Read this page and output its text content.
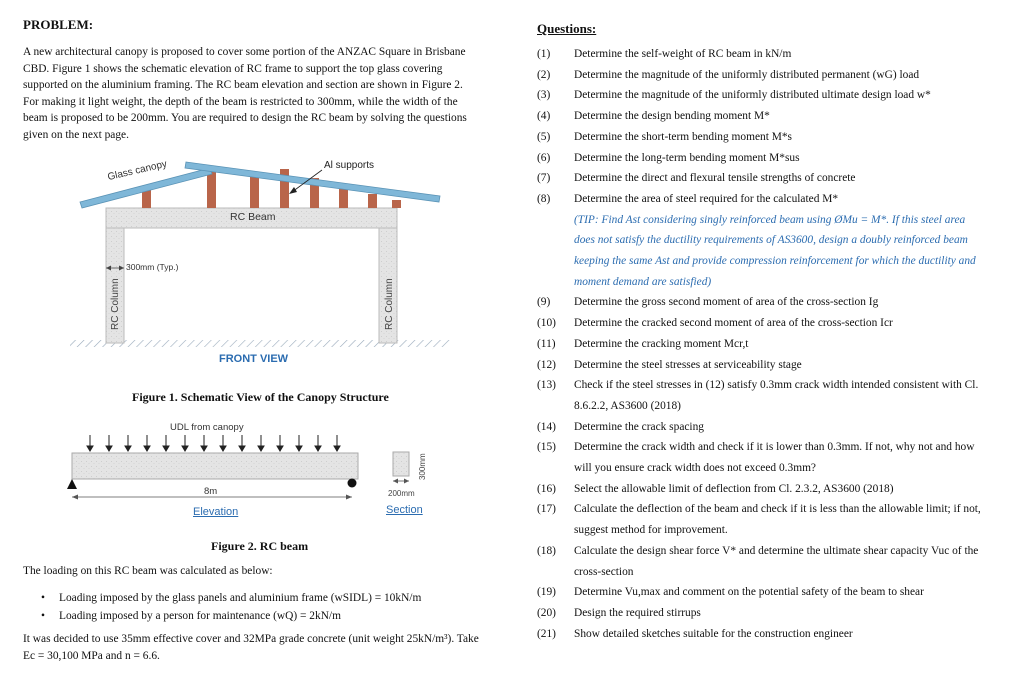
PROBLEM:
A new architectural canopy is proposed to cover some portion of the ANZAC Square in Brisbane
CBD. Figure 1 shows the schematic elevation of RC frame to support the top glass covering
supported on the aluminium framing. The RC beam elevation and section are shown in Figure 2.
For making it light weight, the depth of the beam is restricted to 300mm, while the width of the
beam is proposed to be 200mm. You are required to design the RC beam by solving the questions
given on the next page.
Glass canopy	Al supports
RC Beam
300mm (Typ.)
RC Column	RC Column
FRONT VIEW
Figure 1. Schematic View of the Canopy Structure
UDL from canopy
8m
Elevation
300mm
200mm
Section
Figure 2. RC beam
The loading on this RC beam was calculated as below:
• Loading imposed by the glass panels and aluminium frame (wSIDL) = 10kN/m
• Loading imposed by a person for maintenance (wQ) = 2kN/m
It was decided to use 35mm effective cover and 32MPa grade concrete (unit weight 25kN/m³). Take
Ec = 30,100 MPa and n = 6.6.
Questions:
(1)	Determine the self-weight of RC beam in kN/m
(2)	Determine the magnitude of the uniformly distributed permanent (wG) load
(3)	Determine the magnitude of the uniformly distributed ultimate design load w*
(4)	Determine the design bending moment M*
(5)	Determine the short-term bending moment M*s
(6)	Determine the long-term bending moment M*sus
(7)	Determine the direct and flexural tensile strengths of concrete
(8)	Determine the area of steel required for the calculated M*
(TIP: Find Ast considering singly reinforced beam using ØMu = M*. If this steel area
does not satisfy the ductility requirements of AS3600, design a doubly reinforced beam
keeping the same Ast and provide compression reinforcement for which the ductility and
moment demand are satisfied)
(9)	Determine the gross second moment of area of the cross-section Ig
(10)	Determine the cracked second moment of area of the cross-section Icr
(11)	Determine the cracking moment Mcr,t
(12)	Determine the steel stresses at serviceability stage
(13)	Check if the steel stresses in (12) satisfy 0.3mm crack width intended consistent with Cl.
8.6.2.2, AS3600 (2018)
(14)	Determine the crack spacing
(15)	Determine the crack width and check if it is lower than 0.3mm. If not, why not and how
will you ensure crack width does not exceed 0.3mm?
(16)	Select the allowable limit of deflection from Cl. 2.3.2, AS3600 (2018)
(17)	Calculate the deflection of the beam and check if it is less than the allowable limit; if not,
suggest method for improvement.
(18)	Calculate the design shear force V* and determine the ultimate shear capacity Vuc of the
cross-section
(19)	Determine Vu,max and comment on the potential safety of the beam to shear
(20)	Design the required stirrups
(21)	Show detailed sketches suitable for the construction engineer
